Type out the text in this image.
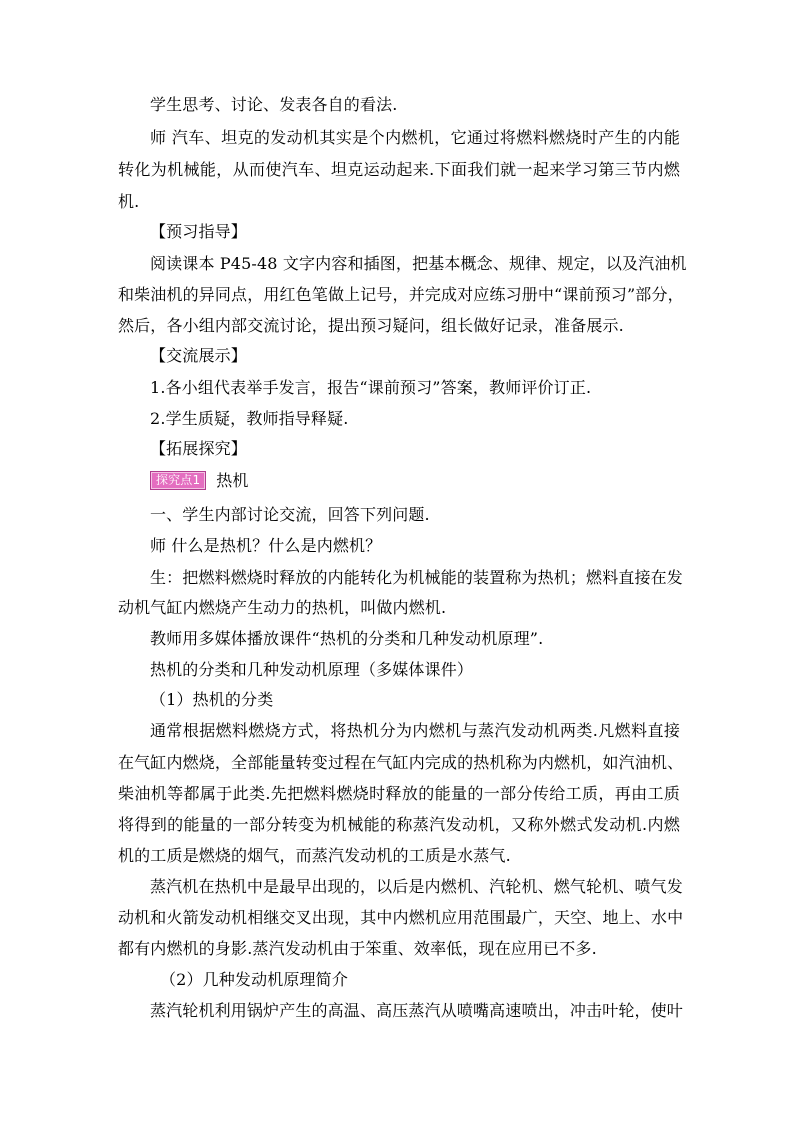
学生思考、讨论、发表各自的看法.
师 汽车、坦克的发动机其实是个内燃机，它通过将燃料燃烧时产生的内能
转化为机械能，从而使汽车、坦克运动起来.下面我们就一起来学习第三节内燃
机.
【预习指导】
阅读课本 P45-48 文字内容和插图，把基本概念、规律、规定，以及汽油机
和柴油机的异同点，用红色笔做上记号，并完成对应练习册中“课前预习”部分，
然后，各小组内部交流讨论，提出预习疑问，组长做好记录，准备展示.
【交流展示】
1.各小组代表举手发言，报告“课前预习”答案，教师评价订正.
2.学生质疑，教师指导释疑.
【拓展探究】
探究点1 热机
一、学生内部讨论交流，回答下列问题.
师 什么是热机？什么是内燃机？
生：把燃料燃烧时释放的内能转化为机械能的装置称为热机；燃料直接在发
动机气缸内燃烧产生动力的热机，叫做内燃机.
教师用多媒体播放课件“热机的分类和几种发动机原理”.
热机的分类和几种发动机原理（多媒体课件）
（1）热机的分类
通常根据燃料燃烧方式，将热机分为内燃机与蒸汽发动机两类.凡燃料直接
在气缸内燃烧，全部能量转变过程在气缸内完成的热机称为内燃机，如汽油机、
柴油机等都属于此类.先把燃料燃烧时释放的能量的一部分传给工质，再由工质
将得到的能量的一部分转变为机械能的称蒸汽发动机，又称外燃式发动机.内燃
机的工质是燃烧的烟气，而蒸汽发动机的工质是水蒸气.
蒸汽机在热机中是最早出现的，以后是内燃机、汽轮机、燃气轮机、喷气发
动机和火箭发动机相继交叉出现，其中内燃机应用范围最广，天空、地上、水中
都有内燃机的身影.蒸汽发动机由于笨重、效率低，现在应用已不多.
（2）几种发动机原理简介
蒸汽轮机利用锅炉产生的高温、高压蒸汽从喷嘴高速喷出，冲击叶轮，使叶
